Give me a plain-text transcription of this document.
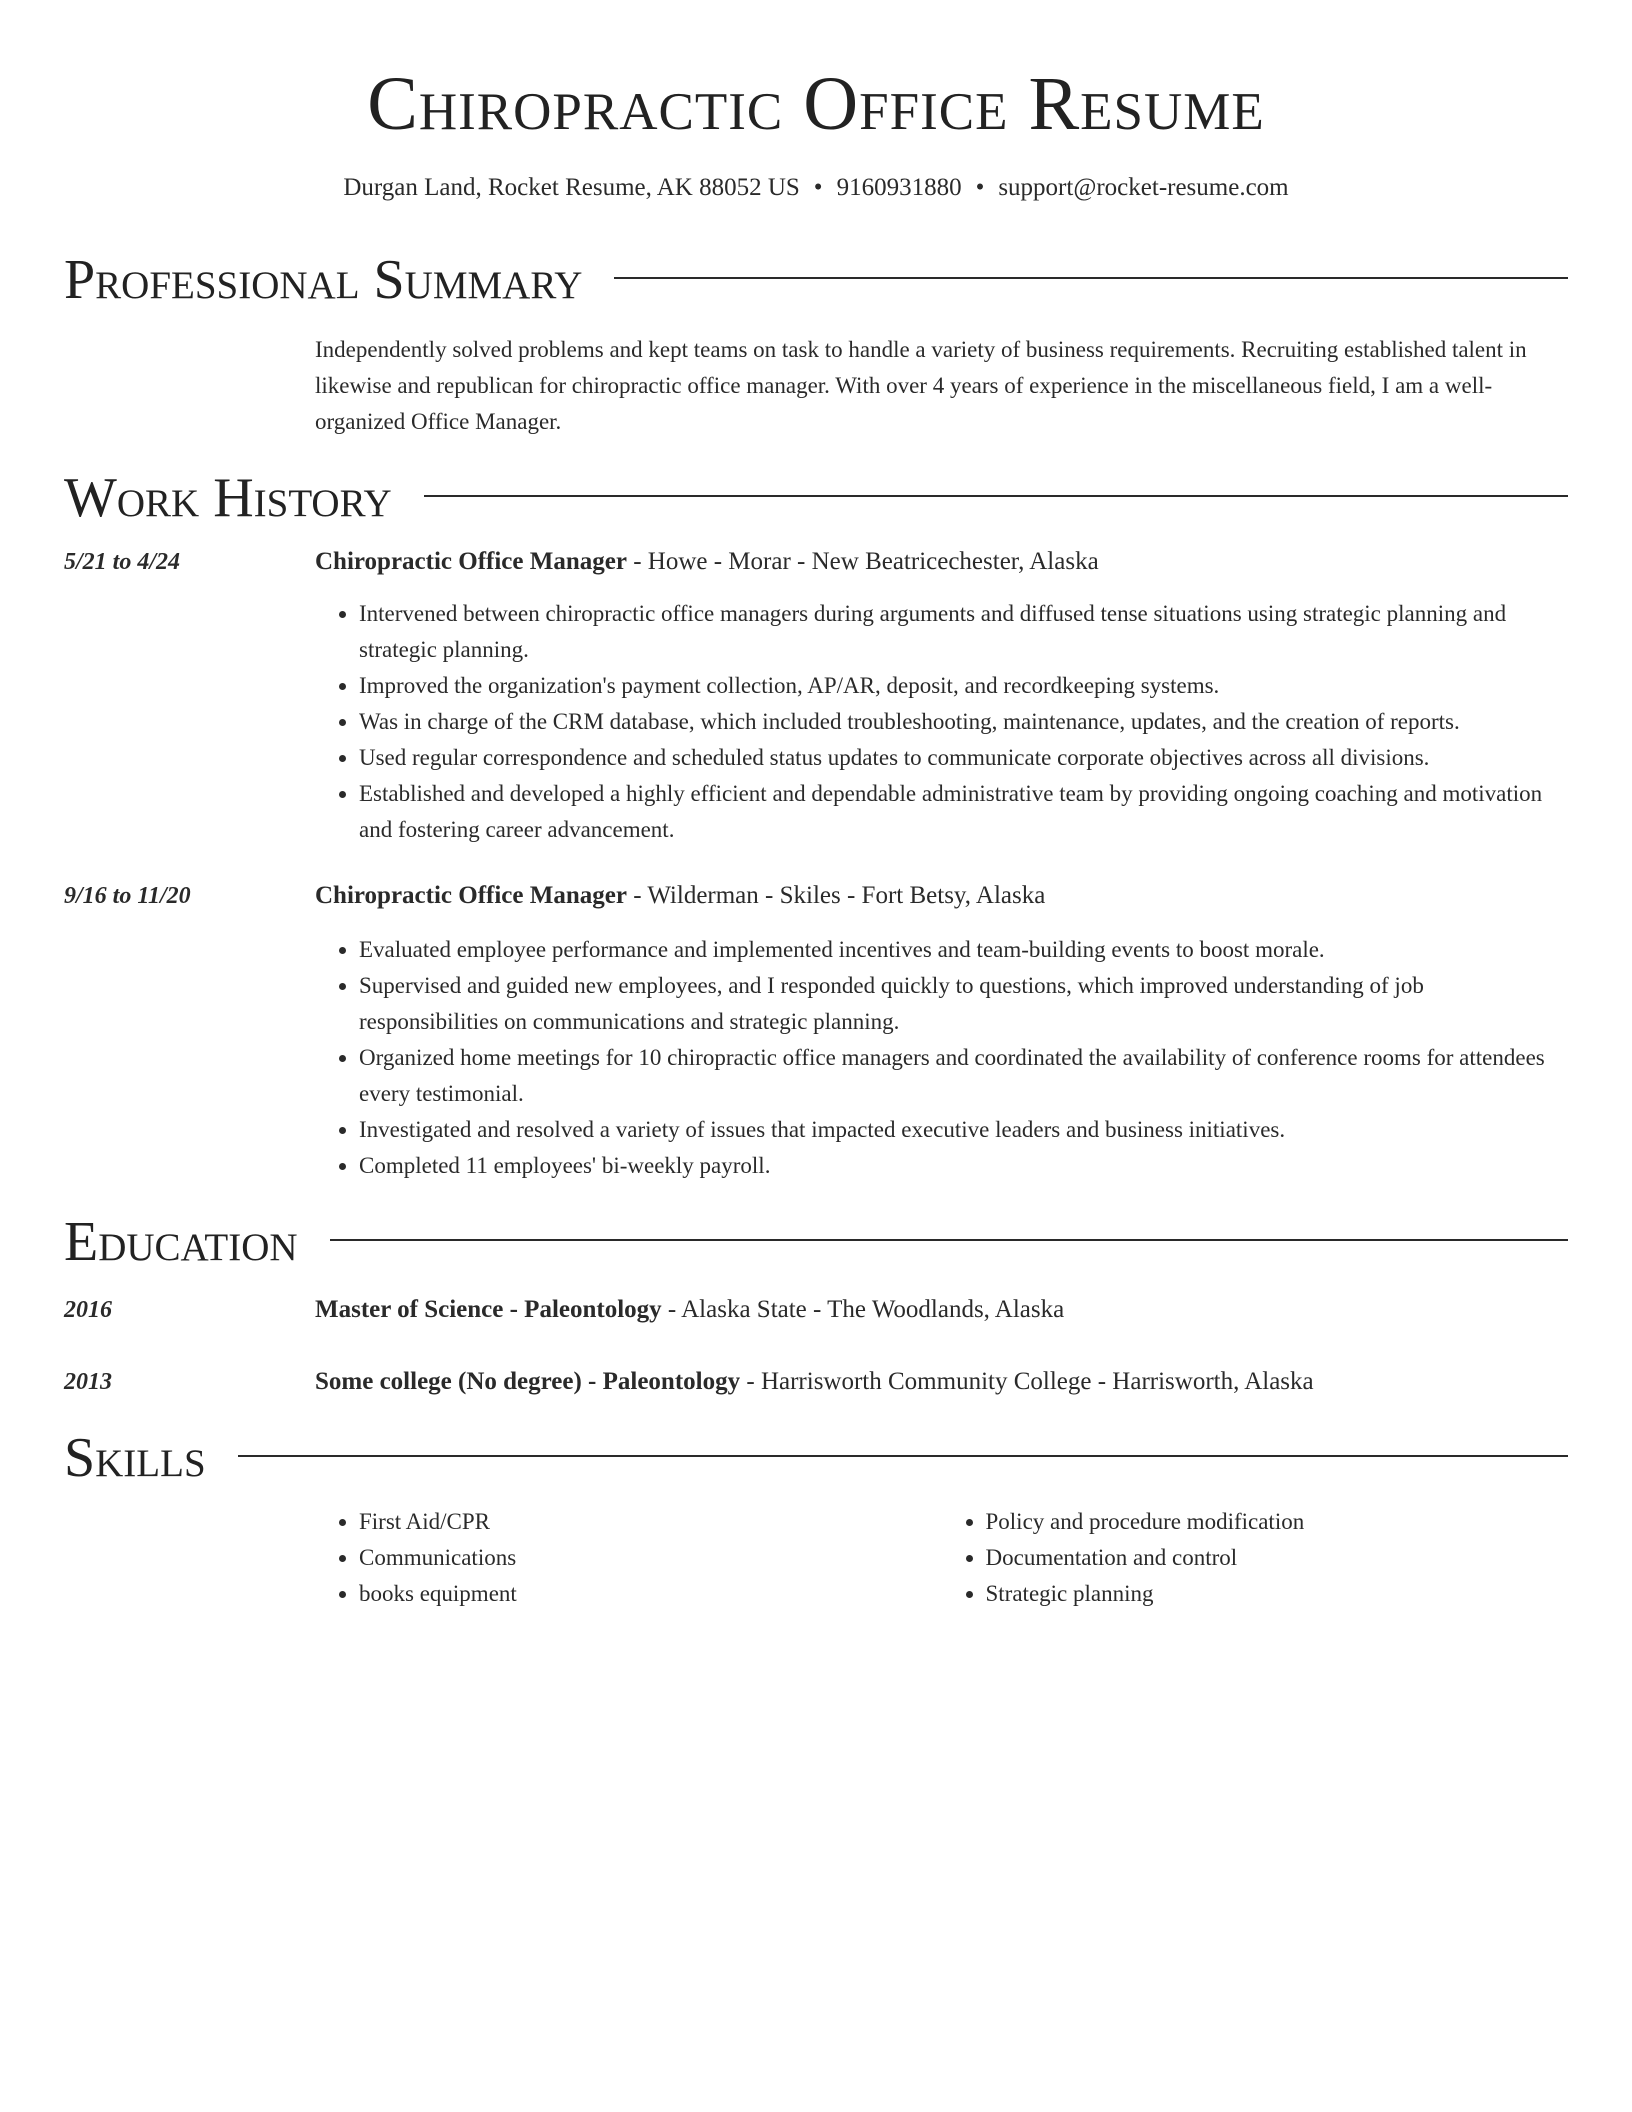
Chiropractic Office Resume
Durgan Land, Rocket Resume, AK 88052 US • 9160931880 • support@rocket-resume.com
Professional Summary
Independently solved problems and kept teams on task to handle a variety of business requirements. Recruiting established talent in likewise and republican for chiropractic office manager. With over 4 years of experience in the miscellaneous field, I am a well-organized Office Manager.
Work History
5/21 to 4/24	Chiropractic Office Manager - Howe - Morar - New Beatricechester, Alaska
• Intervened between chiropractic office managers during arguments and diffused tense situations using strategic planning and strategic planning.
• Improved the organization's payment collection, AP/AR, deposit, and recordkeeping systems.
• Was in charge of the CRM database, which included troubleshooting, maintenance, updates, and the creation of reports.
• Used regular correspondence and scheduled status updates to communicate corporate objectives across all divisions.
• Established and developed a highly efficient and dependable administrative team by providing ongoing coaching and motivation and fostering career advancement.
9/16 to 11/20	Chiropractic Office Manager - Wilderman - Skiles - Fort Betsy, Alaska
• Evaluated employee performance and implemented incentives and team-building events to boost morale.
• Supervised and guided new employees, and I responded quickly to questions, which improved understanding of job responsibilities on communications and strategic planning.
• Organized home meetings for 10 chiropractic office managers and coordinated the availability of conference rooms for attendees every testimonial.
• Investigated and resolved a variety of issues that impacted executive leaders and business initiatives.
• Completed 11 employees' bi-weekly payroll.
Education
2016	Master of Science - Paleontology - Alaska State - The Woodlands, Alaska
2013	Some college (No degree) - Paleontology - Harrisworth Community College - Harrisworth, Alaska
Skills
• First Aid/CPR
• Communications
• books equipment
• Policy and procedure modification
• Documentation and control
• Strategic planning
